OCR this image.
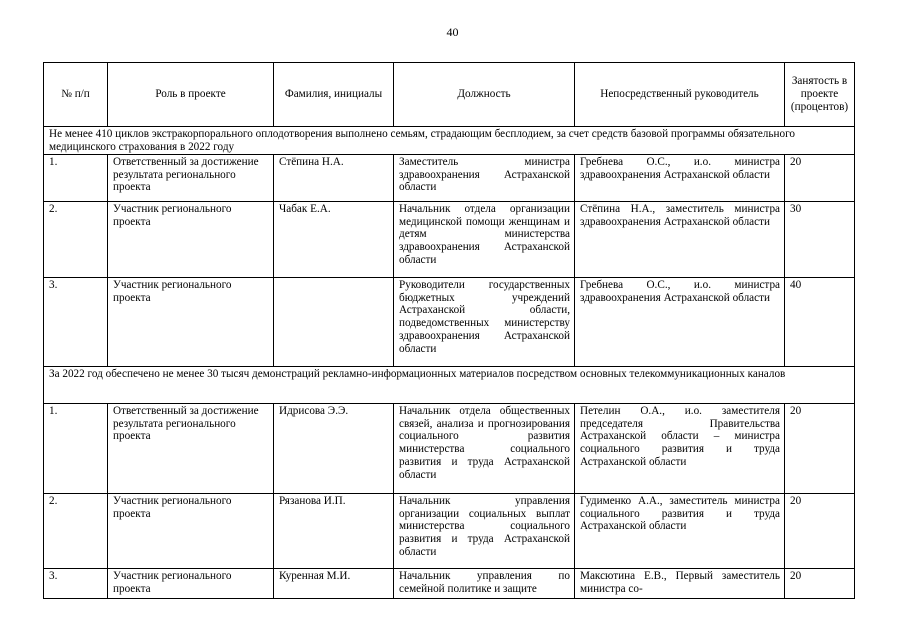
40
№ п/п	Роль в проекте	Фамилия, инициалы	Должность	Непосредственный руководитель	Занятость в проекте (процентов)
Не менее 410 циклов экстракорпорального оплодотворения выполнено семьям, страдающим бесплодием, за счет средств базовой программы обязательного медицинского страхования в 2022 году					
1.	Ответственный за достижение результата регионального проекта	Стёпина Н.А.	Заместитель министра здравоохранения Астраханской области	Гребнева О.С., и.о. министра здравоохранения Астраханской области	20
2.	Участник регионального проекта	Чабак Е.А.	Начальник отдела организации медицинской помощи женщинам и детям министерства здравоохранения Астраханской области	Стёпина Н.А., заместитель министра здравоохранения Астраханской области	30
3.	Участник регионального проекта		Руководители государственных бюджетных учреждений Астраханской области, подведомственных министерству здравоохранения Астраханской области	Гребнева О.С., и.о. министра здравоохранения Астраханской области	40
За 2022 год обеспечено не менее 30 тысяч демонстраций рекламно-информационных материалов посредством основных телекоммуникационных каналов					
1.	Ответственный за достижение результата регионального проекта	Идрисова Э.Э.	Начальник отдела общественных связей, анализа и прогнозирования социального развития министерства социального развития и труда Астраханской области	Петелин О.А., и.о. заместителя председателя Правительства Астраханской области – министра социального развития и труда Астраханской области	20
2.	Участник регионального проекта	Рязанова И.П.	Начальник управления организации социальных выплат министерства социального развития и труда Астраханской области	Гудименко А.А., заместитель министра социального развития и труда Астраханской области	20
3.	Участник регионального проекта	Куренная М.И.	Начальник управления по семейной политике и защите	Максютина Е.В., Первый заместитель министра со-	20
